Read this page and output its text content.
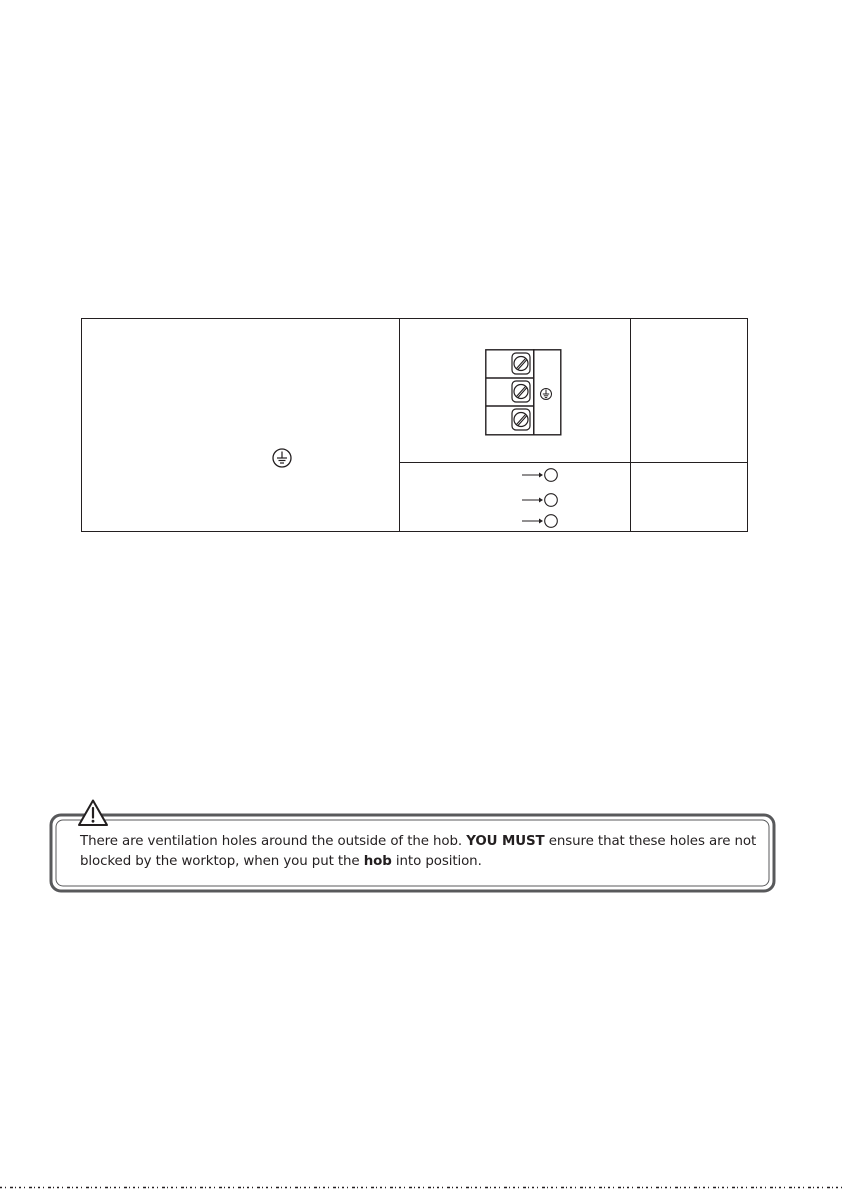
There are ventilation holes around the outside of the hob. YOU MUST ensure that these holes are not blocked by the worktop, when you put the hob into position.
